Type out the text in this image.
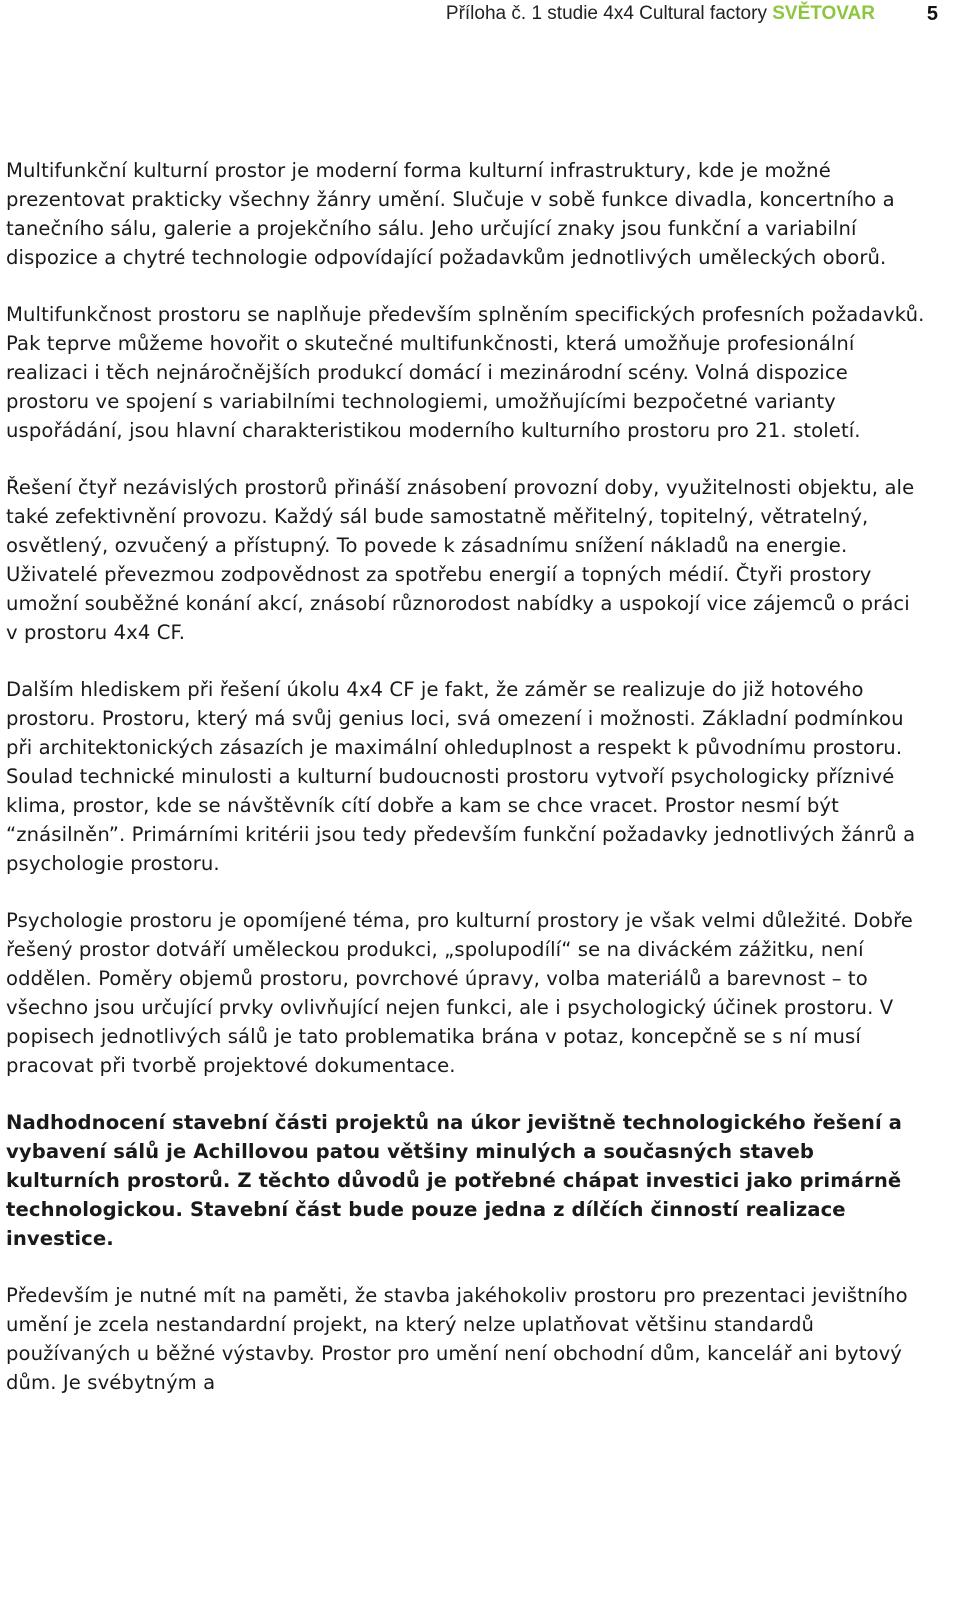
Příloha č. 1 studie 4x4 Cultural factory SVĚTOVAR	5

Multifunkční kulturní prostor je moderní forma kulturní infrastruktury, kde je možné prezentovat prakticky všechny žánry umění. Slučuje v sobě funkce divadla, koncertního a tanečního sálu, galerie a projekčního sálu. Jeho určující znaky jsou funkční a variabilní dispozice a chytré technologie odpovídající požadavkům jednotlivých uměleckých oborů.

Multifunkčnost prostoru se naplňuje především splněním specifických profesních požadavků. Pak teprve můžeme hovořit o skutečné multifunkčnosti, která umožňuje profesionální realizaci i těch nejnáročnějších produkcí domácí i mezinárodní scény. Volná dispozice prostoru ve spojení s variabilními technologiemi, umožňujícími bezpočetné varianty uspořádání, jsou hlavní charakteristikou moderního kulturního prostoru pro 21. století.

Řešení čtyř nezávislých prostorů přináší znásobení provozní doby, využitelnosti objektu, ale také zefektivnění provozu. Každý sál bude samostatně měřitelný, topitelný, větratelný, osvětlený, ozvučený a přístupný. To povede k zásadnímu snížení nákladů na energie. Uživatelé převezmou zodpovědnost za spotřebu energií a topných médií. Čtyři prostory umožní souběžné konání akcí, znásobí různorodost nabídky a uspokojí vice zájemců o práci v prostoru 4x4 CF.

Dalším hlediskem při řešení úkolu 4x4 CF je fakt, že záměr se realizuje do již hotového prostoru. Prostoru, který má svůj genius loci, svá omezení i možnosti. Základní podmínkou při architektonických zásazích je maximální ohleduplnost a respekt k původnímu prostoru. Soulad technické minulosti a kulturní budoucnosti prostoru vytvoří psychologicky příznivé klima, prostor, kde se návštěvník cítí dobře a kam se chce vracet. Prostor nesmí být “znásilněn”. Primárními kritérii jsou tedy především funkční požadavky jednotlivých žánrů a psychologie prostoru.

Psychologie prostoru je opomíjené téma, pro kulturní prostory je však velmi důležité. Dobře řešený prostor dotváří uměleckou produkci, „spolupodílí“ se na diváckém zážitku, není oddělen. Poměry objemů prostoru, povrchové úpravy, volba materiálů a barevnost – to všechno jsou určující prvky ovlivňující nejen funkci, ale i psychologický účinek prostoru. V popisech jednotlivých sálů je tato problematika brána v potaz, koncepčně se s ní musí pracovat při tvorbě projektové dokumentace.

Nadhodnocení stavební části projektů na úkor jevištně technologického řešení a vybavení sálů je Achillovou patou většiny minulých a současných staveb kulturních prostorů. Z těchto důvodů je potřebné chápat investici jako primárně technologickou. Stavební část bude pouze jedna z dílčích činností realizace investice.

Především je nutné mít na paměti, že stavba jakéhokoliv prostoru pro prezentaci jevištního umění je zcela nestandardní projekt, na který nelze uplatňovat většinu standardů používaných u běžné výstavby. Prostor pro umění není obchodní dům, kancelář ani bytový dům. Je svébytným a
